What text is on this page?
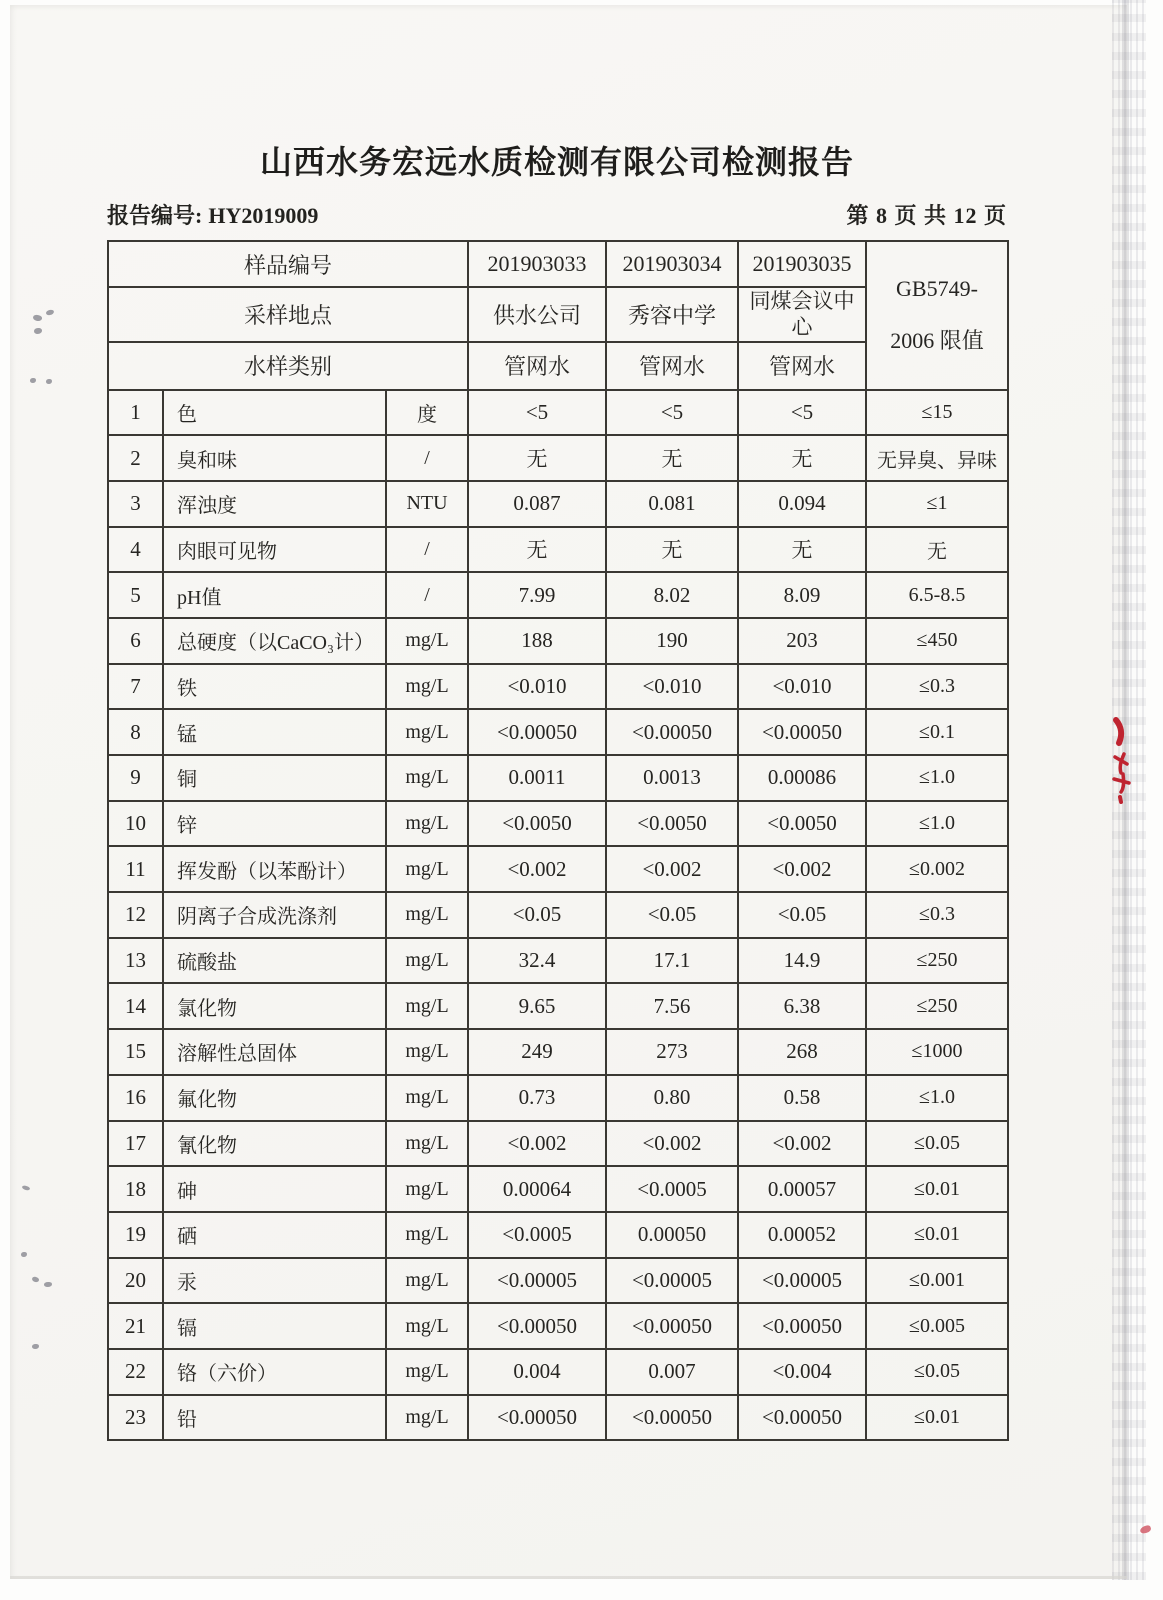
山西水务宏远水质检测有限公司检测报告
报告编号: HY2019009	第 8 页 共 12 页
样品编号			201903033	201903034	201903035	GB5749-
2006 限值

采样地点			供水公司	秀容中学	同煤会议中心	
水样类别			管网水	管网水	管网水	
1	色	度	<5	<5	<5	≤15
2	臭和味	/	无	无	无	无异臭、异味
3	浑浊度	NTU	0.087	0.081	0.094	≤1
4	肉眼可见物	/	无	无	无	无
5	pH值	/	7.99	8.02	8.09	6.5-8.5
6	总硬度（以CaCO₃计）	mg/L	188	190	203	≤450
7	铁	mg/L	<0.010	<0.010	<0.010	≤0.3
8	锰	mg/L	<0.00050	<0.00050	<0.00050	≤0.1
9	铜	mg/L	0.0011	0.0013	0.00086	≤1.0
10	锌	mg/L	<0.0050	<0.0050	<0.0050	≤1.0
11	挥发酚（以苯酚计）	mg/L	<0.002	<0.002	<0.002	≤0.002
12	阴离子合成洗涤剂	mg/L	<0.05	<0.05	<0.05	≤0.3
13	硫酸盐	mg/L	32.4	17.1	14.9	≤250
14	氯化物	mg/L	9.65	7.56	6.38	≤250
15	溶解性总固体	mg/L	249	273	268	≤1000
16	氟化物	mg/L	0.73	0.80	0.58	≤1.0
17	氰化物	mg/L	<0.002	<0.002	<0.002	≤0.05
18	砷	mg/L	0.00064	<0.0005	0.00057	≤0.01
19	硒	mg/L	<0.0005	0.00050	0.00052	≤0.01
20	汞	mg/L	<0.00005	<0.00005	<0.00005	≤0.001
21	镉	mg/L	<0.00050	<0.00050	<0.00050	≤0.005
22	铬（六价）	mg/L	0.004	0.007	<0.004	≤0.05
23	铅	mg/L	<0.00050	<0.00050	<0.00050	≤0.01
